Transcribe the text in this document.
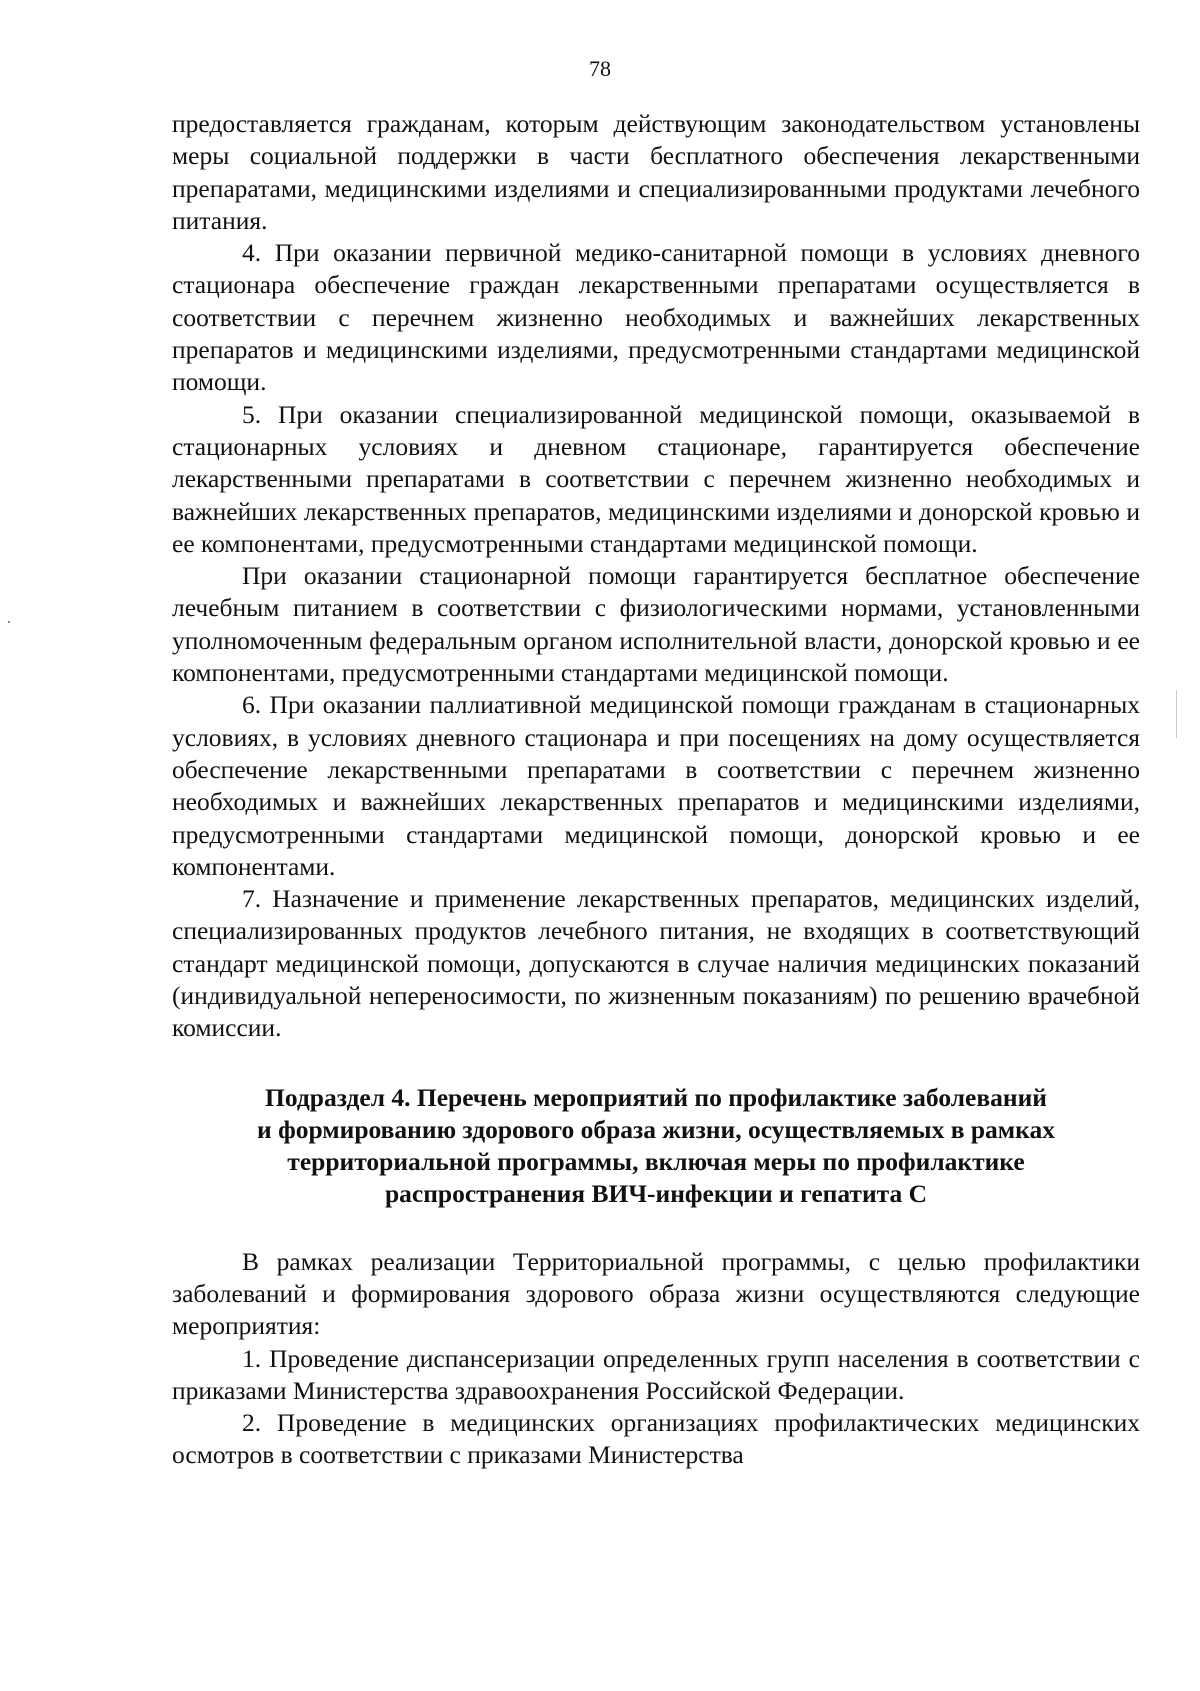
78

предоставляется гражданам, которым действующим законодательством установлены меры социальной поддержки в части бесплатного обеспечения лекарственными препаратами, медицинскими изделиями и специализированными продуктами лечебного питания.

4. При оказании первичной медико-санитарной помощи в условиях дневного стационара обеспечение граждан лекарственными препаратами осуществляется в соответствии с перечнем жизненно необходимых и важнейших лекарственных препаратов и медицинскими изделиями, предусмотренными стандартами медицинской помощи.

5. При оказании специализированной медицинской помощи, оказываемой в стационарных условиях и дневном стационаре, гарантируется обеспечение лекарственными препаратами в соответствии с перечнем жизненно необходимых и важнейших лекарственных препаратов, медицинскими изделиями и донорской кровью и ее компонентами, предусмотренными стандартами медицинской помощи.

При оказании стационарной помощи гарантируется бесплатное обеспечение лечебным питанием в соответствии с физиологическими нормами, установленными уполномоченным федеральным органом исполнительной власти, донорской кровью и ее компонентами, предусмотренными стандартами медицинской помощи.

6. При оказании паллиативной медицинской помощи гражданам в стационарных условиях, в условиях дневного стационара и при посещениях на дому осуществляется обеспечение лекарственными препаратами в соответствии с перечнем жизненно необходимых и важнейших лекарственных препаратов и медицинскими изделиями, предусмотренными стандартами медицинской помощи, донорской кровью и ее компонентами.

7. Назначение и применение лекарственных препаратов, медицинских изделий, специализированных продуктов лечебного питания, не входящих в соответствующий стандарт медицинской помощи, допускаются в случае наличия медицинских показаний (индивидуальной непереносимости, по жизненным показаниям) по решению врачебной комиссии.

Подраздел 4. Перечень мероприятий по профилактике заболеваний
и формированию здорового образа жизни, осуществляемых в рамках
территориальной программы, включая меры по профилактике
распространения ВИЧ-инфекции и гепатита С

В рамках реализации Территориальной программы, с целью профилактики заболеваний и формирования здорового образа жизни осуществляются следующие мероприятия:

1. Проведение диспансеризации определенных групп населения в соответствии с приказами Министерства здравоохранения Российской Федерации.

2. Проведение в медицинских организациях профилактических медицинских осмотров в соответствии с приказами Министерства
